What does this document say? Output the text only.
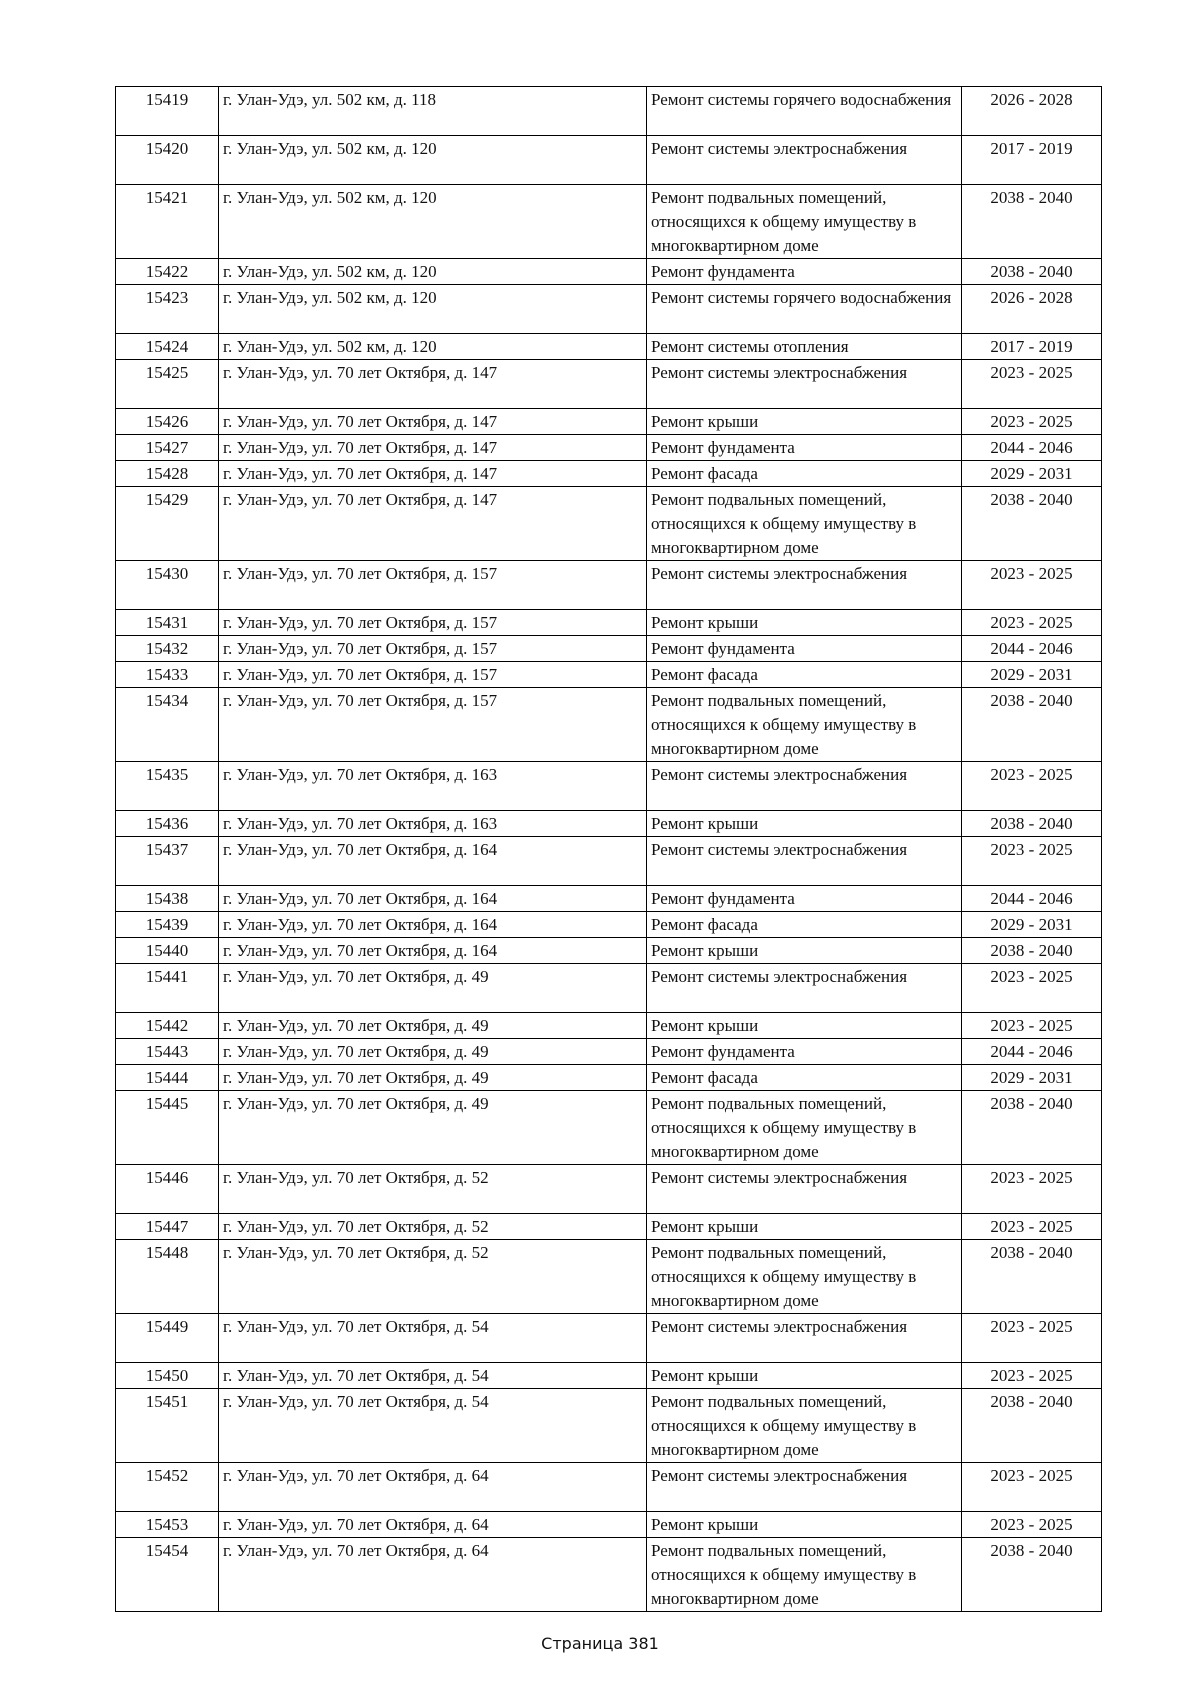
15419	г. Улан-Удэ, ул. 502 км, д. 118	Ремонт системы горячего водоснабжения	2026 - 2028
15420	г. Улан-Удэ, ул. 502 км, д. 120	Ремонт системы электроснабжения	2017 - 2019
15421	г. Улан-Удэ, ул. 502 км, д. 120	Ремонт подвальных помещений, относящихся к общему имуществу в многоквартирном доме	2038 - 2040
15422	г. Улан-Удэ, ул. 502 км, д. 120	Ремонт фундамента	2038 - 2040
15423	г. Улан-Удэ, ул. 502 км, д. 120	Ремонт системы горячего водоснабжения	2026 - 2028
15424	г. Улан-Удэ, ул. 502 км, д. 120	Ремонт системы отопления	2017 - 2019
15425	г. Улан-Удэ, ул. 70 лет Октября, д. 147	Ремонт системы электроснабжения	2023 - 2025
15426	г. Улан-Удэ, ул. 70 лет Октября, д. 147	Ремонт крыши	2023 - 2025
15427	г. Улан-Удэ, ул. 70 лет Октября, д. 147	Ремонт фундамента	2044 - 2046
15428	г. Улан-Удэ, ул. 70 лет Октября, д. 147	Ремонт фасада	2029 - 2031
15429	г. Улан-Удэ, ул. 70 лет Октября, д. 147	Ремонт подвальных помещений, относящихся к общему имуществу в многоквартирном доме	2038 - 2040
15430	г. Улан-Удэ, ул. 70 лет Октября, д. 157	Ремонт системы электроснабжения	2023 - 2025
15431	г. Улан-Удэ, ул. 70 лет Октября, д. 157	Ремонт крыши	2023 - 2025
15432	г. Улан-Удэ, ул. 70 лет Октября, д. 157	Ремонт фундамента	2044 - 2046
15433	г. Улан-Удэ, ул. 70 лет Октября, д. 157	Ремонт фасада	2029 - 2031
15434	г. Улан-Удэ, ул. 70 лет Октября, д. 157	Ремонт подвальных помещений, относящихся к общему имуществу в многоквартирном доме	2038 - 2040
15435	г. Улан-Удэ, ул. 70 лет Октября, д. 163	Ремонт системы электроснабжения	2023 - 2025
15436	г. Улан-Удэ, ул. 70 лет Октября, д. 163	Ремонт крыши	2038 - 2040
15437	г. Улан-Удэ, ул. 70 лет Октября, д. 164	Ремонт системы электроснабжения	2023 - 2025
15438	г. Улан-Удэ, ул. 70 лет Октября, д. 164	Ремонт фундамента	2044 - 2046
15439	г. Улан-Удэ, ул. 70 лет Октября, д. 164	Ремонт фасада	2029 - 2031
15440	г. Улан-Удэ, ул. 70 лет Октября, д. 164	Ремонт крыши	2038 - 2040
15441	г. Улан-Удэ, ул. 70 лет Октября, д. 49	Ремонт системы электроснабжения	2023 - 2025
15442	г. Улан-Удэ, ул. 70 лет Октября, д. 49	Ремонт крыши	2023 - 2025
15443	г. Улан-Удэ, ул. 70 лет Октября, д. 49	Ремонт фундамента	2044 - 2046
15444	г. Улан-Удэ, ул. 70 лет Октября, д. 49	Ремонт фасада	2029 - 2031
15445	г. Улан-Удэ, ул. 70 лет Октября, д. 49	Ремонт подвальных помещений, относящихся к общему имуществу в многоквартирном доме	2038 - 2040
15446	г. Улан-Удэ, ул. 70 лет Октября, д. 52	Ремонт системы электроснабжения	2023 - 2025
15447	г. Улан-Удэ, ул. 70 лет Октября, д. 52	Ремонт крыши	2023 - 2025
15448	г. Улан-Удэ, ул. 70 лет Октября, д. 52	Ремонт подвальных помещений, относящихся к общему имуществу в многоквартирном доме	2038 - 2040
15449	г. Улан-Удэ, ул. 70 лет Октября, д. 54	Ремонт системы электроснабжения	2023 - 2025
15450	г. Улан-Удэ, ул. 70 лет Октября, д. 54	Ремонт крыши	2023 - 2025
15451	г. Улан-Удэ, ул. 70 лет Октября, д. 54	Ремонт подвальных помещений, относящихся к общему имуществу в многоквартирном доме	2038 - 2040
15452	г. Улан-Удэ, ул. 70 лет Октября, д. 64	Ремонт системы электроснабжения	2023 - 2025
15453	г. Улан-Удэ, ул. 70 лет Октября, д. 64	Ремонт крыши	2023 - 2025
15454	г. Улан-Удэ, ул. 70 лет Октября, д. 64	Ремонт подвальных помещений, относящихся к общему имуществу в многоквартирном доме	2038 - 2040
Страница 381
